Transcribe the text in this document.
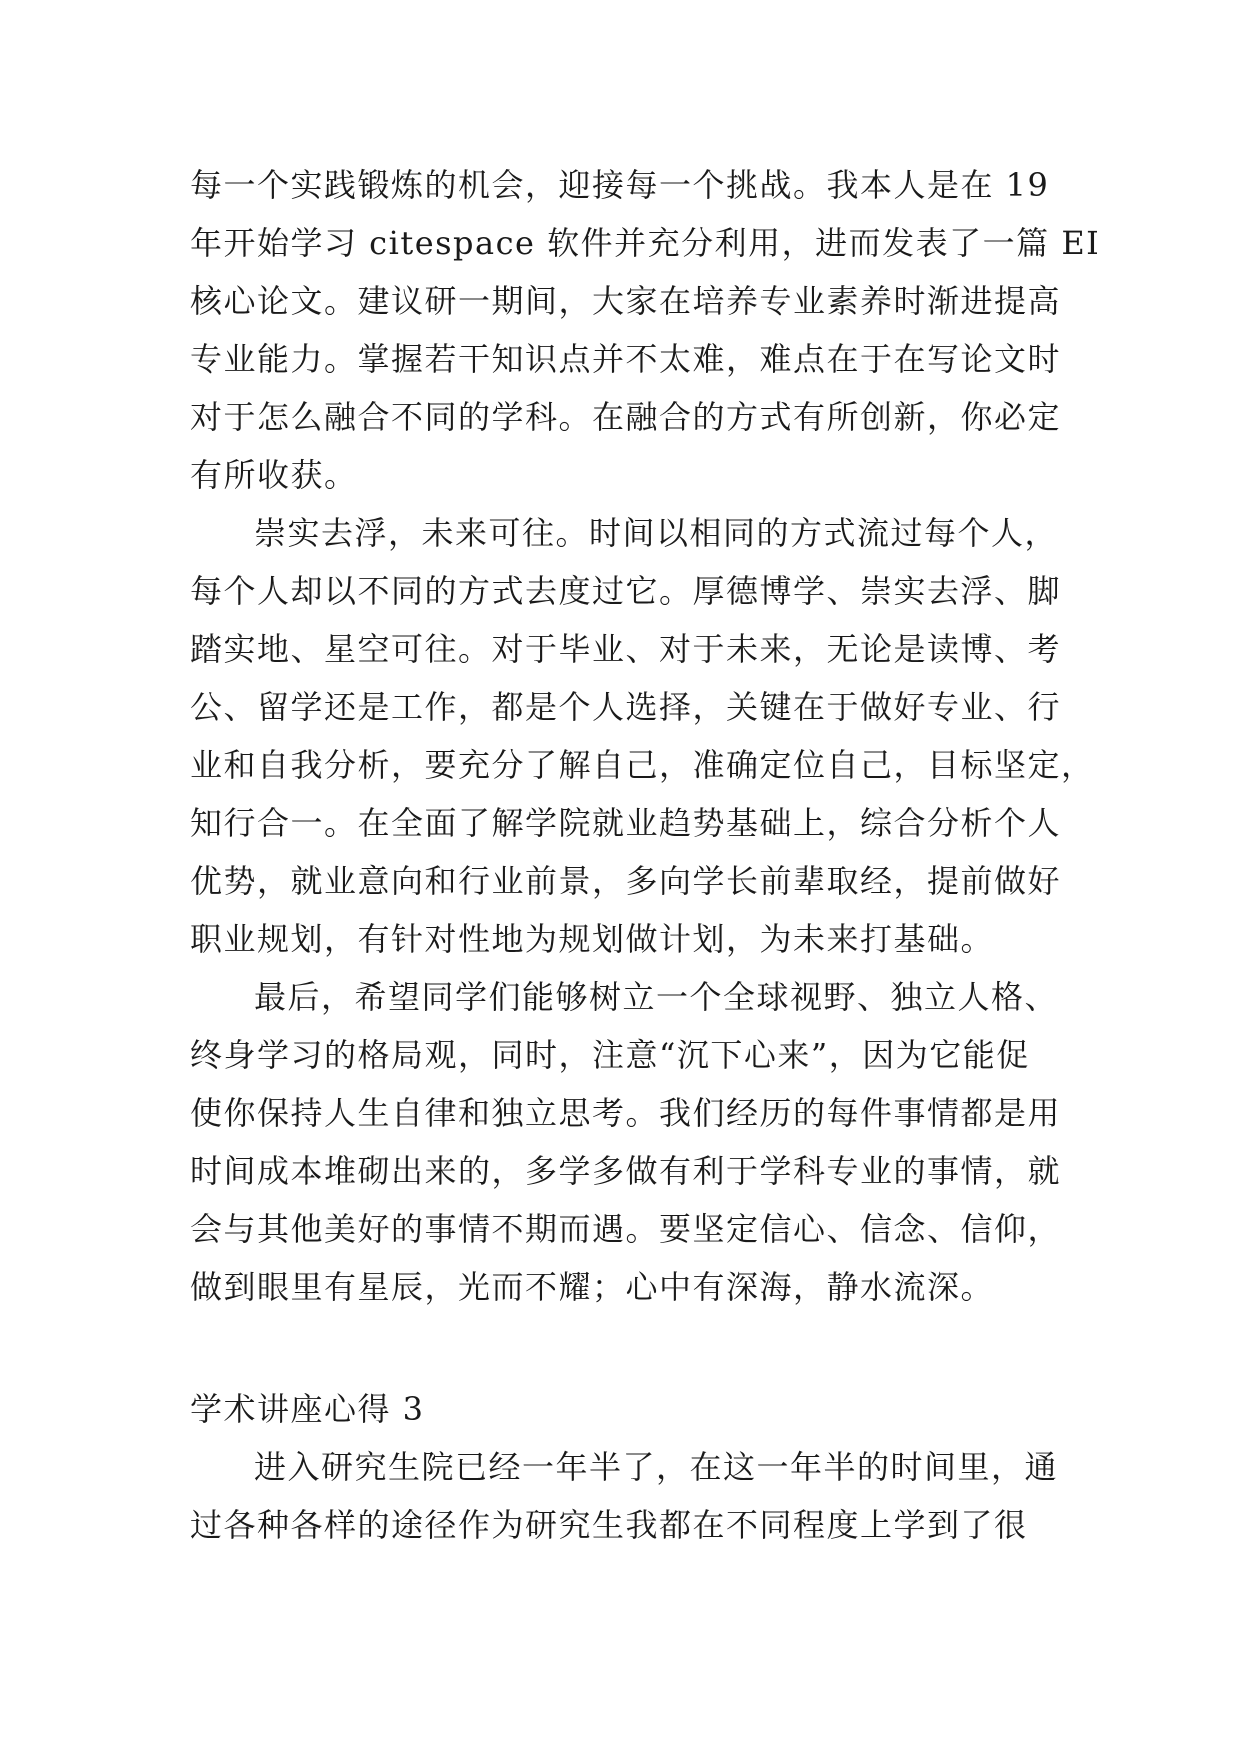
每一个实践锻炼的机会，迎接每一个挑战。我本人是在 19
年开始学习 citespace 软件并充分利用，进而发表了一篇 EI
核心论文。建议研一期间，大家在培养专业素养时渐进提高
专业能力。掌握若干知识点并不太难，难点在于在写论文时
对于怎么融合不同的学科。在融合的方式有所创新，你必定
有所收获。
崇实去浮，未来可往。时间以相同的方式流过每个人，
每个人却以不同的方式去度过它。厚德博学、崇实去浮、脚
踏实地、星空可往。对于毕业、对于未来，无论是读博、考
公、留学还是工作，都是个人选择，关键在于做好专业、行
业和自我分析，要充分了解自己，准确定位自己，目标坚定，
知行合一。在全面了解学院就业趋势基础上，综合分析个人
优势，就业意向和行业前景，多向学长前辈取经，提前做好
职业规划，有针对性地为规划做计划，为未来打基础。
最后，希望同学们能够树立一个全球视野、独立人格、
终身学习的格局观，同时，注意“沉下心来”，因为它能促
使你保持人生自律和独立思考。我们经历的每件事情都是用
时间成本堆砌出来的，多学多做有利于学科专业的事情，就
会与其他美好的事情不期而遇。要坚定信心、信念、信仰，
做到眼里有星辰，光而不耀；心中有深海，静水流深。
学术讲座心得 3
进入研究生院已经一年半了，在这一年半的时间里，通
过各种各样的途径作为研究生我都在不同程度上学到了很
